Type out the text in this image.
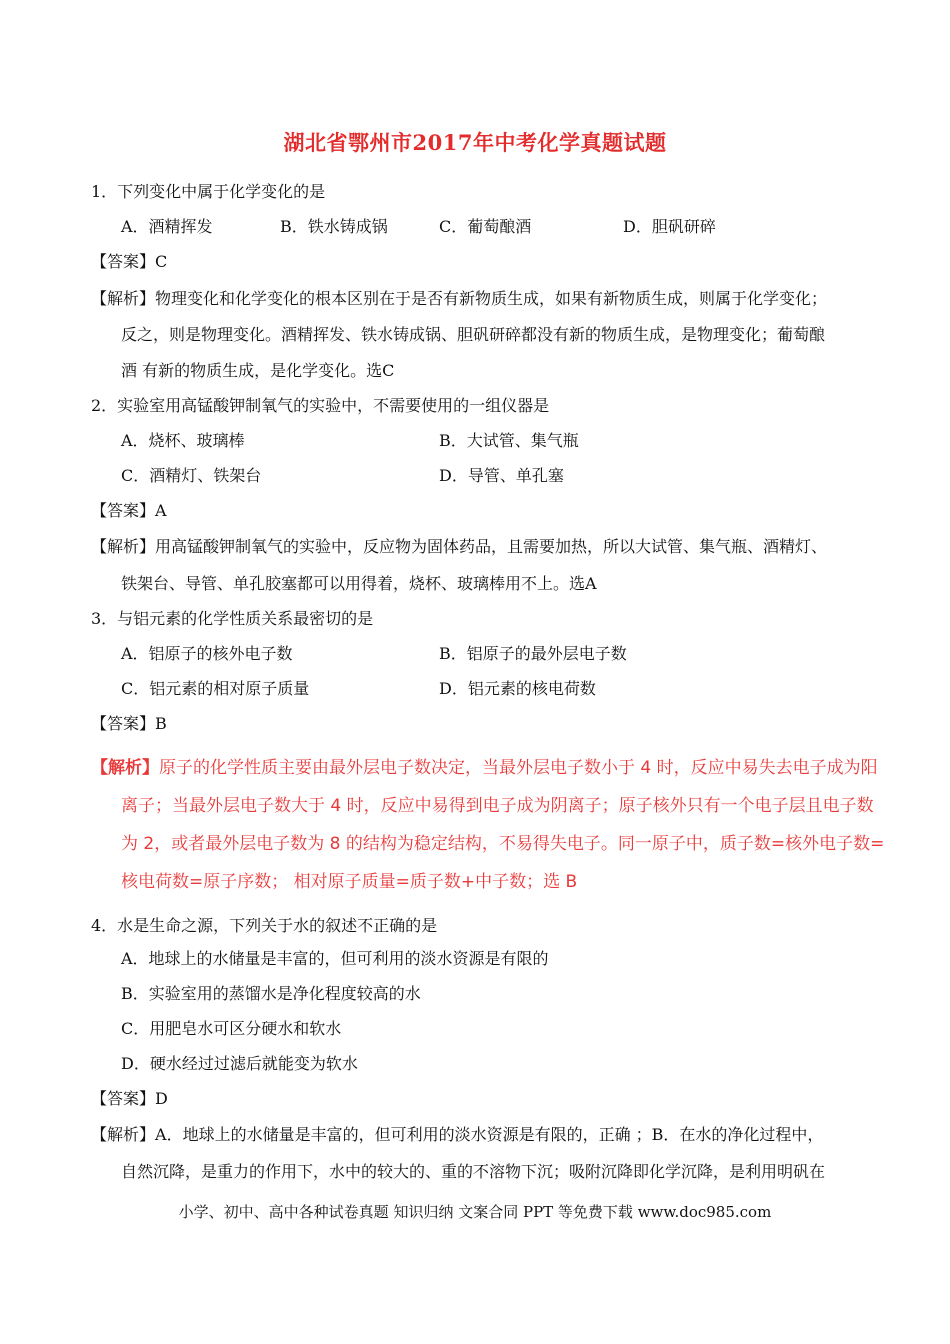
湖北省鄂州市2017年中考化学真题试题
1．下列变化中属于化学变化的是
A．酒精挥发	B．铁水铸成锅	C．葡萄酿酒	D．胆矾研碎
【答案】C
【解析】物理变化和化学变化的根本区别在于是否有新物质生成，如果有新物质生成，则属于化学变化；
反之，则是物理变化。酒精挥发、铁水铸成锅、胆矾研碎都没有新的物质生成，是物理变化；葡萄酿
酒 有新的物质生成，是化学变化。选C
2．实验室用高锰酸钾制氧气的实验中，不需要使用的一组仪器是
A．烧杯、玻璃棒	B．大试管、集气瓶
C．酒精灯、铁架台	D．导管、单孔塞
【答案】A
【解析】用高锰酸钾制氧气的实验中，反应物为固体药品，且需要加热，所以大试管、集气瓶、酒精灯、
铁架台、导管、单孔胶塞都可以用得着，烧杯、玻璃棒用不上。选A
3．与铝元素的化学性质关系最密切的是
A．铝原子的核外电子数	B．铝原子的最外层电子数
C．铝元素的相对原子质量	D．铝元素的核电荷数
【答案】B
【解析】原子的化学性质主要由最外层电子数决定，当最外层电子数小于 4 时，反应中易失去电子成为阳
离子；当最外层电子数大于 4 时，反应中易得到电子成为阴离子；原子核外只有一个电子层且电子数
为 2，或者最外层电子数为 8 的结构为稳定结构，不易得失电子。同一原子中，质子数=核外电子数=
核电荷数=原子序数； 相对原子质量=质子数+中子数；选 B
4．水是生命之源，下列关于水的叙述不正确的是
A．地球上的水储量是丰富的，但可利用的淡水资源是有限的
B．实验室用的蒸馏水是净化程度较高的水
C．用肥皂水可区分硬水和软水
D．硬水经过过滤后就能变为软水
【答案】D
【解析】A．地球上的水储量是丰富的，但可利用的淡水资源是有限的，正确 ；B．在水的净化过程中，
自然沉降，是重力的作用下，水中的较大的、重的不溶物下沉；吸附沉降即化学沉降，是利用明矾在
小学、初中、高中各种试卷真题 知识归纳 文案合同 PPT 等免费下载 www.doc985.com
